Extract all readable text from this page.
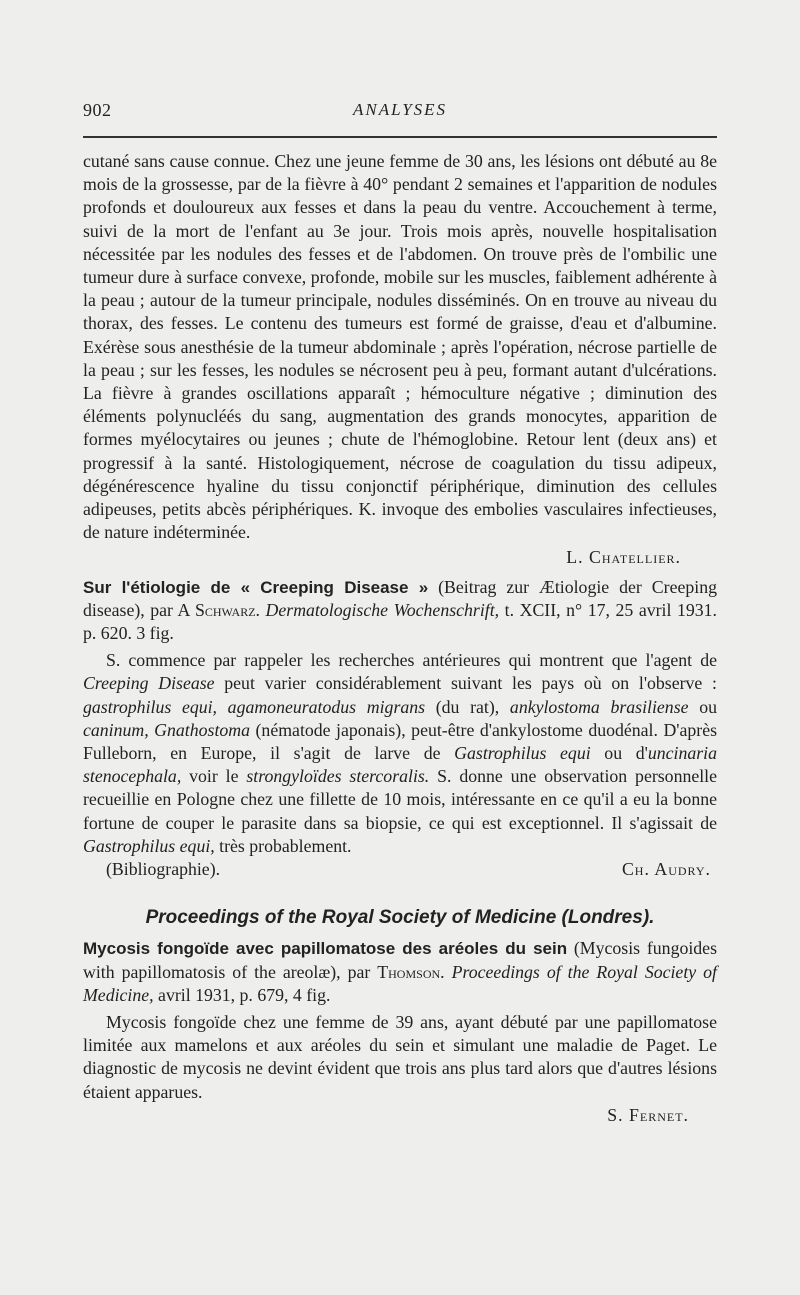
902	ANALYSES

cutané sans cause connue. Chez une jeune femme de 30 ans, les lésions ont débuté au 8e mois de la grossesse, par de la fièvre à 40° pendant 2 semaines et l'apparition de nodules profonds et douloureux aux fesses et dans la peau du ventre. Accouchement à terme, suivi de la mort de l'enfant au 3e jour. Trois mois après, nouvelle hospitalisation nécessitée par les nodules des fesses et de l'abdomen. On trouve près de l'ombilic une tumeur dure à surface convexe, profonde, mobile sur les muscles, faiblement adhérente à la peau ; autour de la tumeur principale, nodules disséminés. On en trouve au niveau du thorax, des fesses. Le contenu des tumeurs est formé de graisse, d'eau et d'albumine. Exérèse sous anesthésie de la tumeur abdominale ; après l'opération, nécrose partielle de la peau ; sur les fesses, les nodules se nécrosent peu à peu, formant autant d'ulcérations. La fièvre à grandes oscillations apparaît ; hémoculture négative ; diminution des éléments polynucléés du sang, augmentation des grands monocytes, apparition de formes myélocytaires ou jeunes ; chute de l'hémoglobine. Retour lent (deux ans) et progressif à la santé. Histologiquement, nécrose de coagulation du tissu adipeux, dégénérescence hyaline du tissu conjonctif périphérique, diminution des cellules adipeuses, petits abcès périphériques. K. invoque des embolies vasculaires infectieuses, de nature indéterminée.

L. Chatellier.
Sur l'étiologie de « Creeping Disease » (Beitrag zur Ætiologie der Creeping disease), par A Schwarz. Dermatologische Wochenschrift, t. XCII, n° 17, 25 avril 1931. p. 620. 3 fig.

S. commence par rappeler les recherches antérieures qui montrent que l'agent de Creeping Disease peut varier considérablement suivant les pays où on l'observe : gastrophilus equi, agamoneuratodus migrans (du rat), ankylostoma brasiliense ou caninum, Gnathostoma (nématode japonais), peut-être d'ankylostome duodénal. D'après Fulleborn, en Europe, il s'agit de larve de Gastrophilus equi ou d'uncinaria stenocephala, voir le strongyloïdes stercoralis. S. donne une observation personnelle recueillie en Pologne chez une fillette de 10 mois, intéressante en ce qu'il a eu la bonne fortune de couper le parasite dans sa biopsie, ce qui est exceptionnel. Il s'agissait de Gastrophilus equi, très probablement.

(Bibliographie).	Ch. Audry.

Proceedings of the Royal Society of Medicine (Londres).
Mycosis fongoïde avec papillomatose des aréoles du sein (Mycosis fungoides with papillomatosis of the areolæ), par Thomson. Proceedings of the Royal Society of Medicine, avril 1931, p. 679, 4 fig.

Mycosis fongoïde chez une femme de 39 ans, ayant débuté par une papillomatose limitée aux mamelons et aux aréoles du sein et simulant une maladie de Paget. Le diagnostic de mycosis ne devint évident que trois ans plus tard alors que d'autres lésions étaient apparues.

S. Fernet.
